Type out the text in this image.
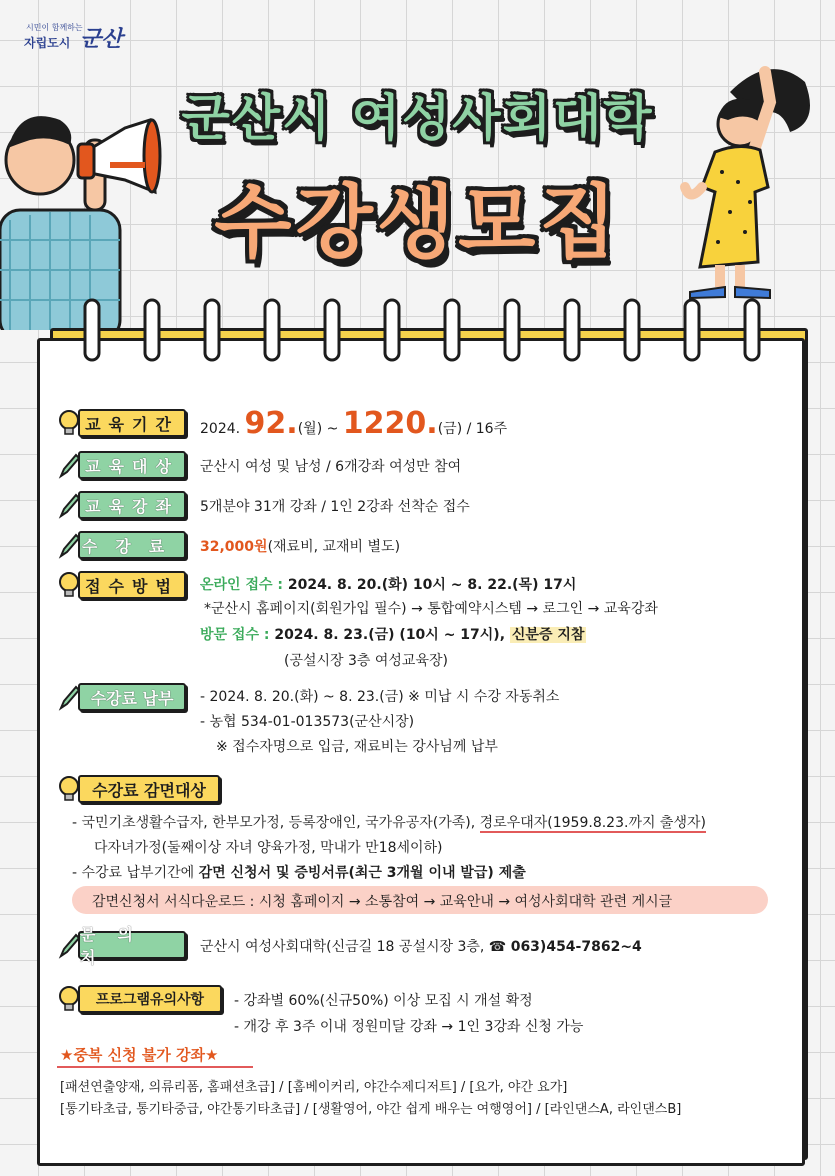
시민이 함께하는
자립도시 군산
군산시 여성사회대학
수강생모집
교육기간 2024. 92.(월) ~ 1220.(금) / 16주
교육대상 군산시 여성 및 남성 / 6개강좌 여성만 참여
교육강좌 5개분야 31개 강좌 / 1인 2강좌 선착순 접수
수강료 32,000원(재료비, 교재비 별도)
접수방법 온라인 접수 : 2024. 8. 20.(화) 10시 ~ 8. 22.(목) 17시
*군산시 홈페이지(회원가입 필수) → 통합예약시스템 → 로그인 → 교육강좌
방문 접수 : 2024. 8. 23.(금) (10시 ~ 17시), 신분증 지참
(공설시장 3층 여성교육장)
수강료 납부 - 2024. 8. 20.(화) ~ 8. 23.(금) ※ 미납 시 수강 자동취소
- 농협 534-01-013573(군산시장)
※ 접수자명으로 입금, 재료비는 강사님께 납부
수강료 감면대상
- 국민기초생활수급자, 한부모가정, 등록장애인, 국가유공자(가족), 경로우대자(1959.8.23.까지 출생자)
다자녀가정(둘째이상 자녀 양육가정, 막내가 만18세이하)
- 수강료 납부기간에 감면 신청서 및 증빙서류(최근 3개월 이내 발급) 제출
감면신청서 서식다운로드 : 시청 홈페이지 → 소통참여 → 교육안내 → 여성사회대학 관련 게시글
문의처
군산시 여성사회대학(신금길 18 공설시장 3층, ☎ 063)454-7862~4
프로그램유의사항 - 강좌별 60%(신규50%) 이상 모집 시 개설 확정
- 개강 후 3주 이내 정원미달 강좌 → 1인 3강좌 신청 가능
★중복 신청 불가 강좌★
[패션연출양재, 의류리폼, 홈패션초급] / [홈베이커리, 야간수제디저트] / [요가, 야간 요가]
[통기타초급, 통기타중급, 야간통기타초급] / [생활영어, 야간 쉽게 배우는 여행영어] / [라인댄스A, 라인댄스B]
